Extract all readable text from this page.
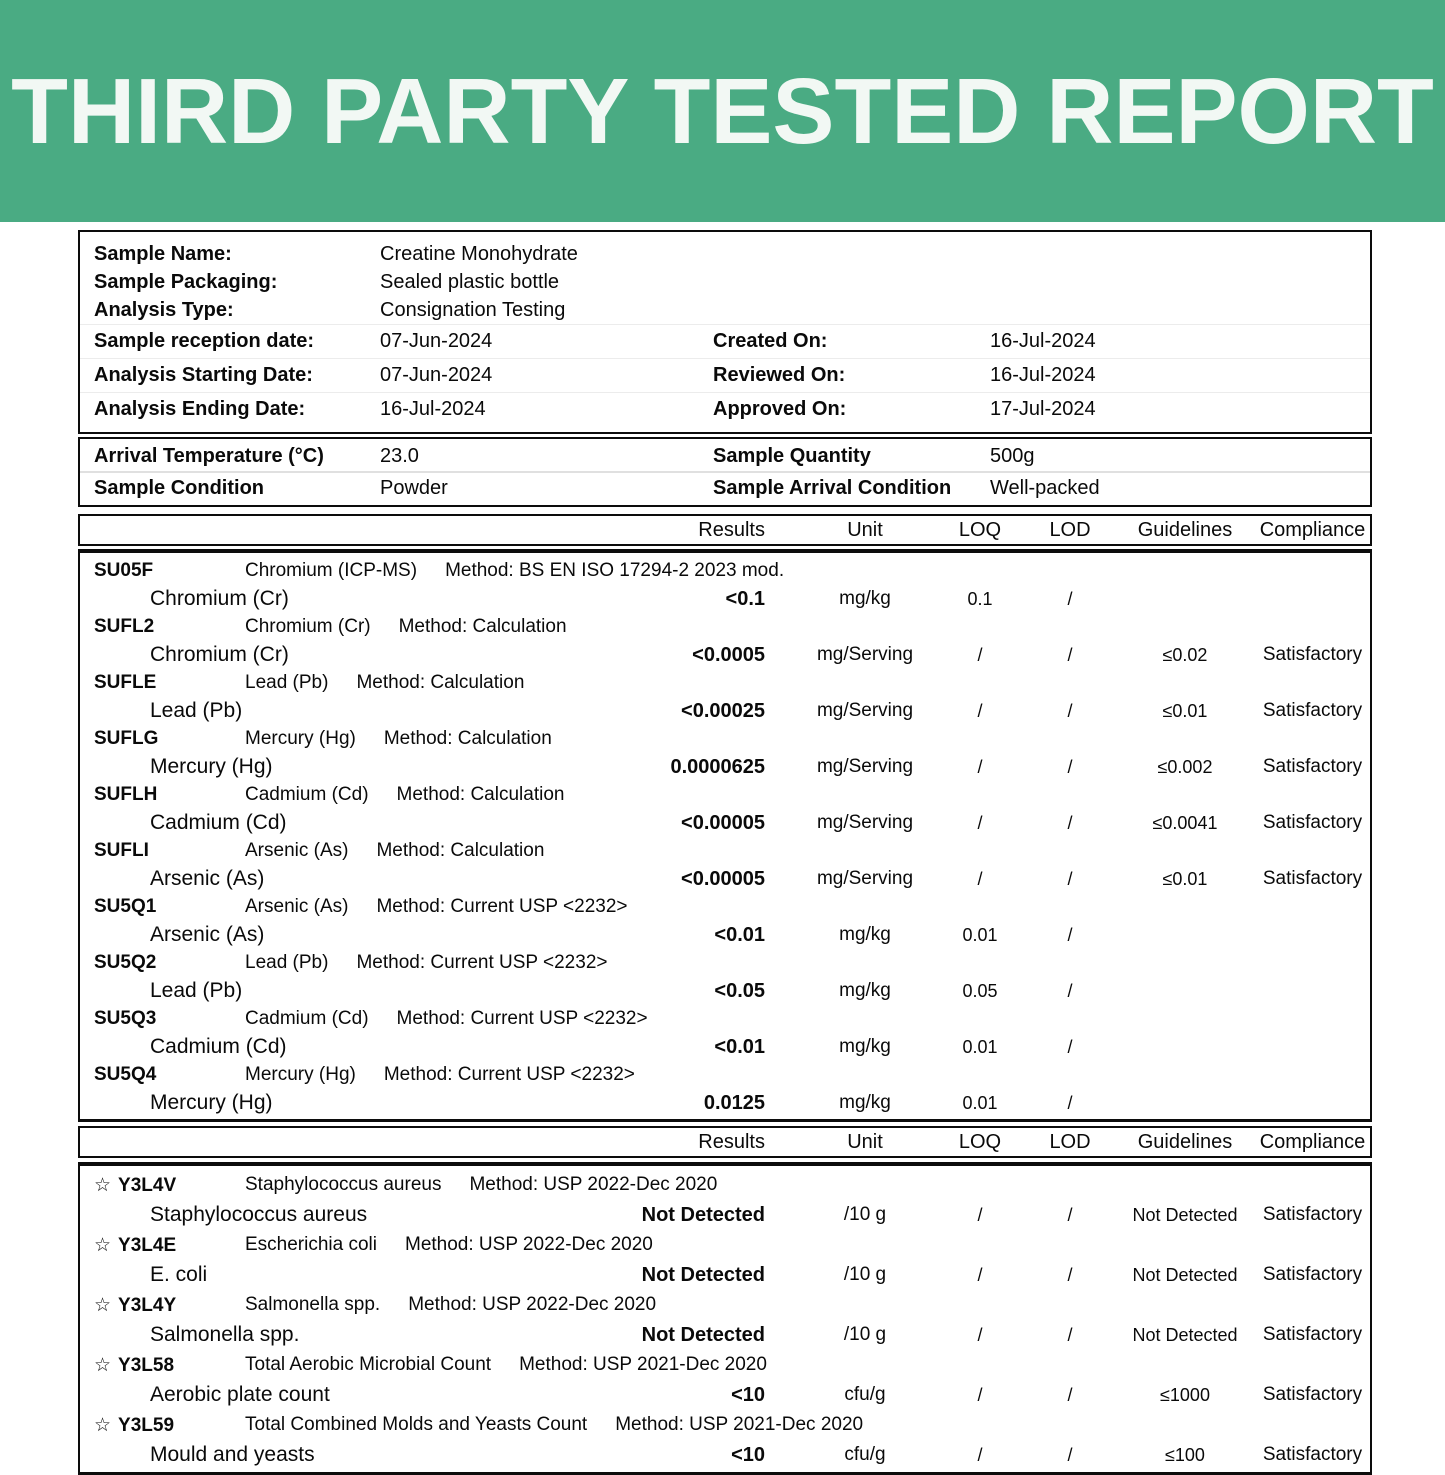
THIRD PARTY TESTED REPORT
Sample Name:	Creatine Monohydrate
Sample Packaging:	Sealed plastic bottle
Analysis Type:	Consignation Testing
Sample reception date:	07-Jun-2024	Created On:	16-Jul-2024
Analysis Starting Date:	07-Jun-2024	Reviewed On:	16-Jul-2024
Analysis Ending Date:	16-Jul-2024	Approved On:	17-Jul-2024
Arrival Temperature (°C)	23.0	Sample Quantity	500g
Sample Condition	Powder	Sample Arrival Condition	Well-packed
Results	Unit	LOQ	LOD	Guidelines	Compliance
SU05F	Chromium (ICP-MS) Method: BS EN ISO 17294-2 2023 mod.
Chromium (Cr)	<0.1	mg/kg	0.1	/
SUFL2	Chromium (Cr) Method: Calculation
Chromium (Cr)	<0.0005	mg/Serving	/	/	≤0.02	Satisfactory
SUFLE	Lead (Pb) Method: Calculation
Lead (Pb)	<0.00025	mg/Serving	/	/	≤0.01	Satisfactory
SUFLG	Mercury (Hg) Method: Calculation
Mercury (Hg)	0.0000625	mg/Serving	/	/	≤0.002	Satisfactory
SUFLH	Cadmium (Cd) Method: Calculation
Cadmium (Cd)	<0.00005	mg/Serving	/	/	≤0.0041	Satisfactory
SUFLI	Arsenic (As) Method: Calculation
Arsenic (As)	<0.00005	mg/Serving	/	/	≤0.01	Satisfactory
SU5Q1	Arsenic (As) Method: Current USP <2232>
Arsenic (As)	<0.01	mg/kg	0.01	/
SU5Q2	Lead (Pb) Method: Current USP <2232>
Lead (Pb)	<0.05	mg/kg	0.05	/
SU5Q3	Cadmium (Cd) Method: Current USP <2232>
Cadmium (Cd)	<0.01	mg/kg	0.01	/
SU5Q4	Mercury (Hg) Method: Current USP <2232>
Mercury (Hg)	0.0125	mg/kg	0.01	/
Results	Unit	LOQ	LOD	Guidelines	Compliance
☆ Y3L4V	Staphylococcus aureus Method: USP 2022-Dec 2020
Staphylococcus aureus	Not Detected	/10 g	/	/	Not Detected	Satisfactory
☆ Y3L4E	Escherichia coli Method: USP 2022-Dec 2020
E. coli	Not Detected	/10 g	/	/	Not Detected	Satisfactory
☆ Y3L4Y	Salmonella spp. Method: USP 2022-Dec 2020
Salmonella spp.	Not Detected	/10 g	/	/	Not Detected	Satisfactory
☆ Y3L58	Total Aerobic Microbial Count Method: USP 2021-Dec 2020
Aerobic plate count	<10	cfu/g	/	/	≤1000	Satisfactory
☆ Y3L59	Total Combined Molds and Yeasts Count Method: USP 2021-Dec 2020
Mould and yeasts	<10	cfu/g	/	/	≤100	Satisfactory
